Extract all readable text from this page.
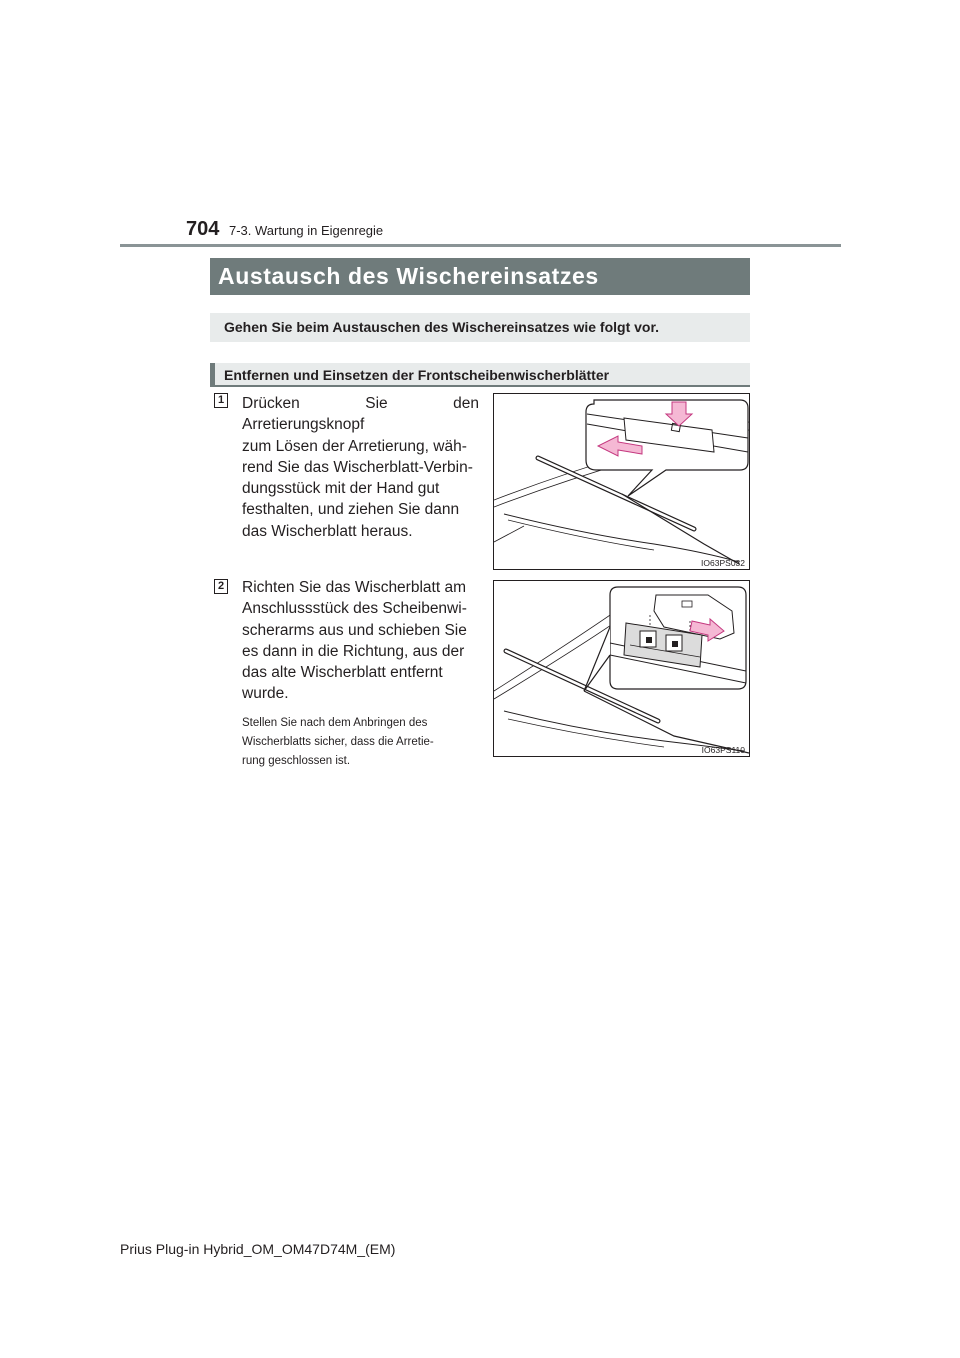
704 7-3. Wartung in Eigenregie
Austausch des Wischereinsatzes
Gehen Sie beim Austauschen des Wischereinsatzes wie folgt vor.
Entfernen und Einsetzen der Frontscheibenwischerblätter
1 Drücken Sie den Arretierungsknopf
zum Lösen der Arretierung, wäh-
rend Sie das Wischerblatt-Verbin-
dungsstück mit der Hand gut
festhalten, und ziehen Sie dann
das Wischerblatt heraus.
IO63PS032
2 Richten Sie das Wischerblatt am
Anschlussstück des Scheibenwi-
scherarms aus und schieben Sie
es dann in die Richtung, aus der
das alte Wischerblatt entfernt
wurde.
Stellen Sie nach dem Anbringen des
Wischerblatts sicher, dass die Arretie-
rung geschlossen ist.
IO63PS110
Prius Plug-in Hybrid_OM_OM47D74M_(EM)
